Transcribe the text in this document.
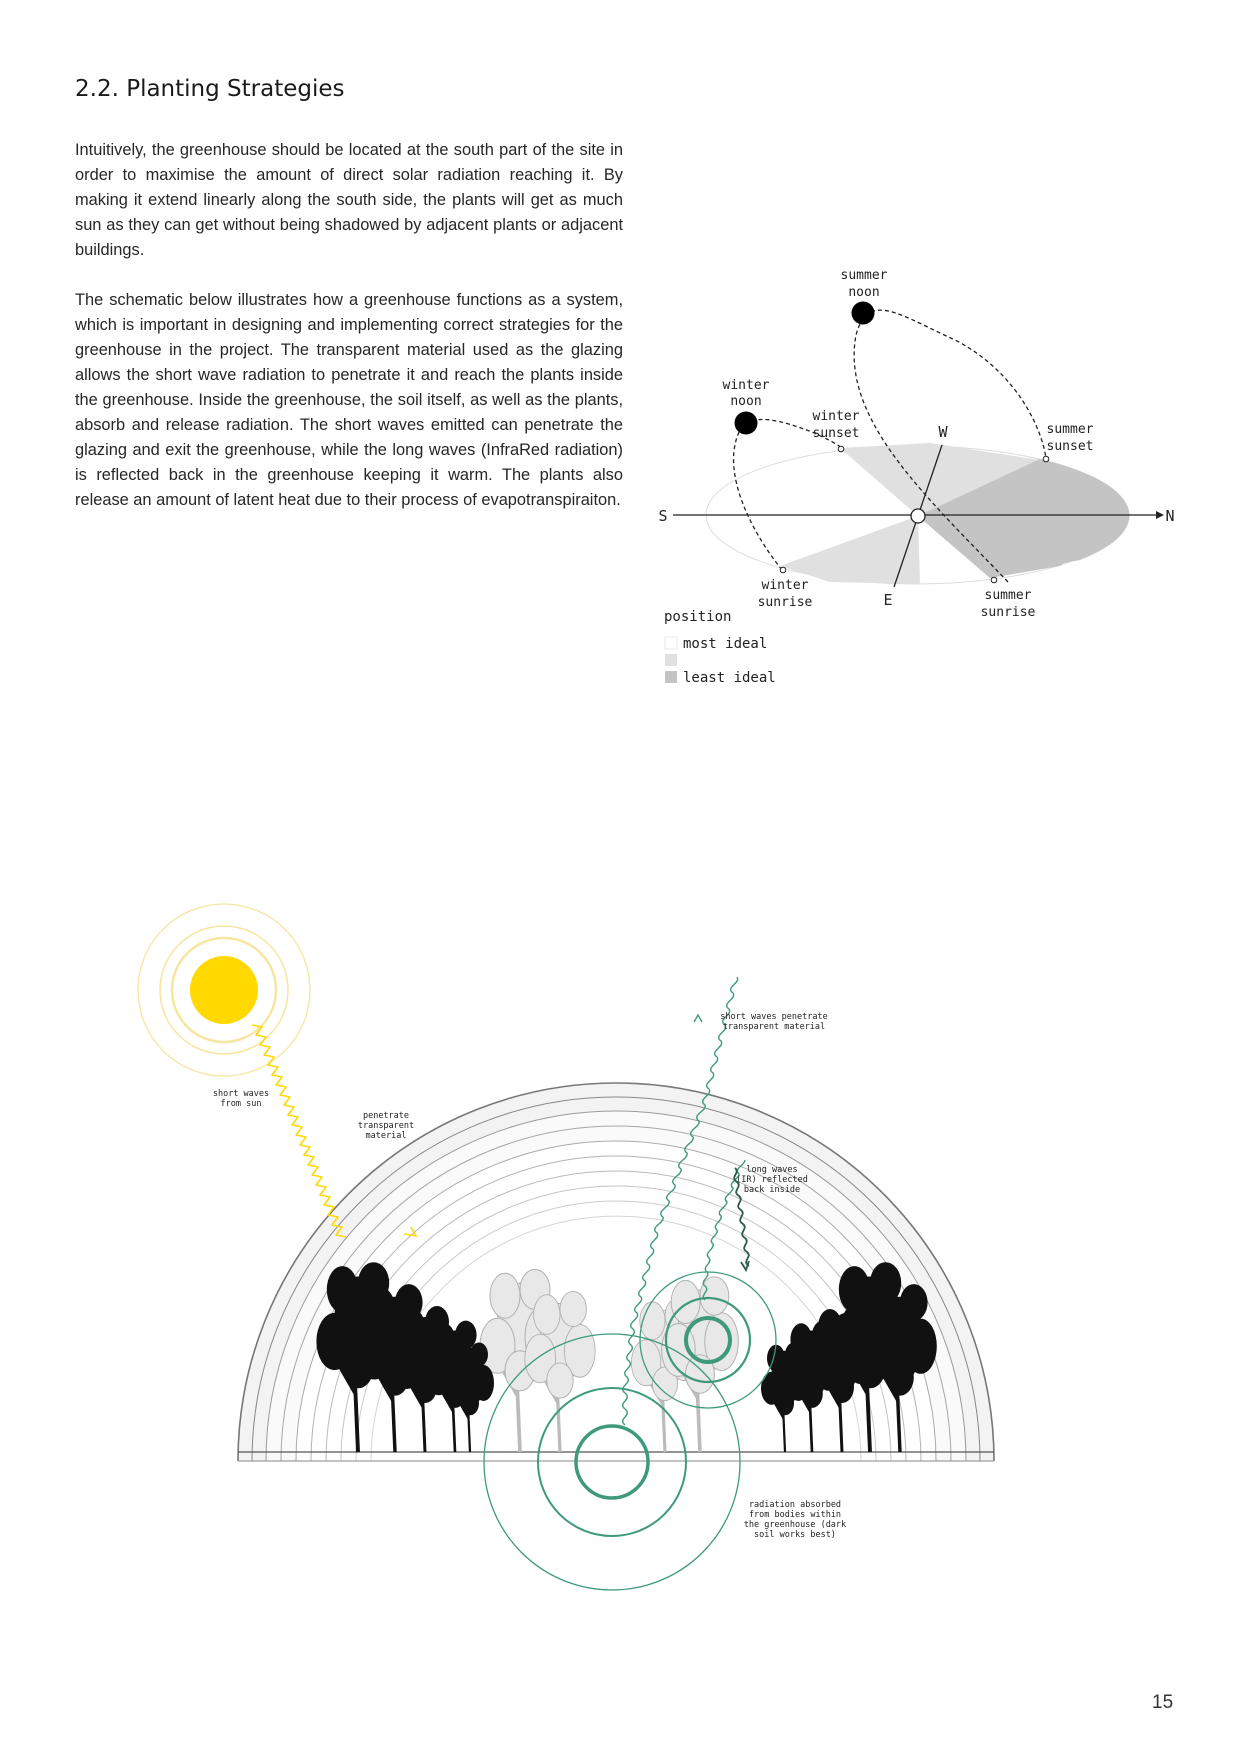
2.2. Planting Strategies

Intuitively, the greenhouse should be located at the south part of the site in order to maximise the amount of direct solar radiation reaching it. By making it extend linearly along the south side, the plants will get as much sun as they can get without being shadowed by adjacent plants or adjacent buildings.

The schematic below illustrates how a greenhouse functions as a system, which is important in designing and implementing correct strategies for the greenhouse in the project. The transparent material used as the glazing allows the short wave radiation to penetrate it and reach the plants inside the greenhouse. Inside the greenhouse, the soil itself, as well as the plants, absorb and release radiation. The short waves emitted can penetrate the glazing and exit the greenhouse, while the long waves (InfraRed radiation) is reflected back in the greenhouse keeping it warm. The plants also release an amount of latent heat due to their process of evapotranspiraiton.

summer
noon
winter
noon
winter
sunset	summer
sunset
winter
sunrise	summer
sunrise
S	N
W
E
position
most ideal
least ideal
short waves
from sun
penetrate
transparent
material
short waves penetrate
transparent material
long waves
(IR) reflected
back inside
radiation absorbed
from bodies within
the greenhouse (dark
soil works best)
15
